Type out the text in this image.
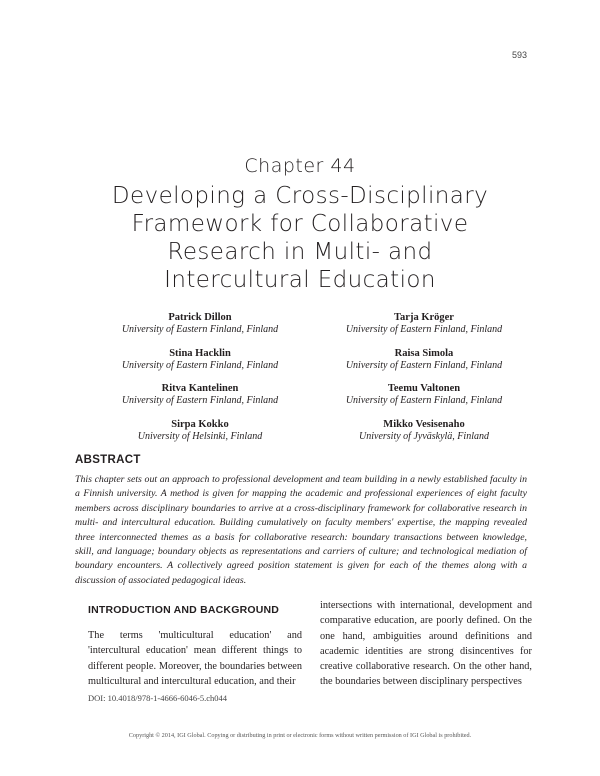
593
Chapter 44
Developing a Cross-Disciplinary
Framework for Collaborative
Research in Multi- and
Intercultural Education
Patrick Dillon
University of Eastern Finland, Finland
Stina Hacklin
University of Eastern Finland, Finland
Ritva Kantelinen
University of Eastern Finland, Finland
Sirpa Kokko
University of Helsinki, Finland
Tarja Kröger
University of Eastern Finland, Finland
Raisa Simola
University of Eastern Finland, Finland
Teemu Valtonen
University of Eastern Finland, Finland
Mikko Vesisenaho
University of Jyväskylä, Finland
ABSTRACT
This chapter sets out an approach to professional development and team building in a newly established faculty in a Finnish university. A method is given for mapping the academic and professional experiences of eight faculty members across disciplinary boundaries to arrive at a cross-disciplinary framework for collaborative research in multi- and intercultural education. Building cumulatively on faculty members' expertise, the mapping revealed three interconnected themes as a basis for collaborative research: boundary transactions between knowledge, skill, and language; boundary objects as representations and carriers of culture; and technological mediation of boundary encounters. A collectively agreed position statement is given for each of the themes along with a discussion of associated pedagogical ideas.
INTRODUCTION AND BACKGROUND
The terms 'multicultural education' and 'intercultural education' mean different things to different people. Moreover, the boundaries between multicultural and intercultural education, and their
intersections with international, development and comparative education, are poorly defined. On the one hand, ambiguities around definitions and academic identities are strong disincentives for creative collaborative research. On the other hand, the boundaries between disciplinary perspectives
DOI: 10.4018/978-1-4666-6046-5.ch044
Copyright © 2014, IGI Global. Copying or distributing in print or electronic forms without written permission of IGI Global is prohibited.
